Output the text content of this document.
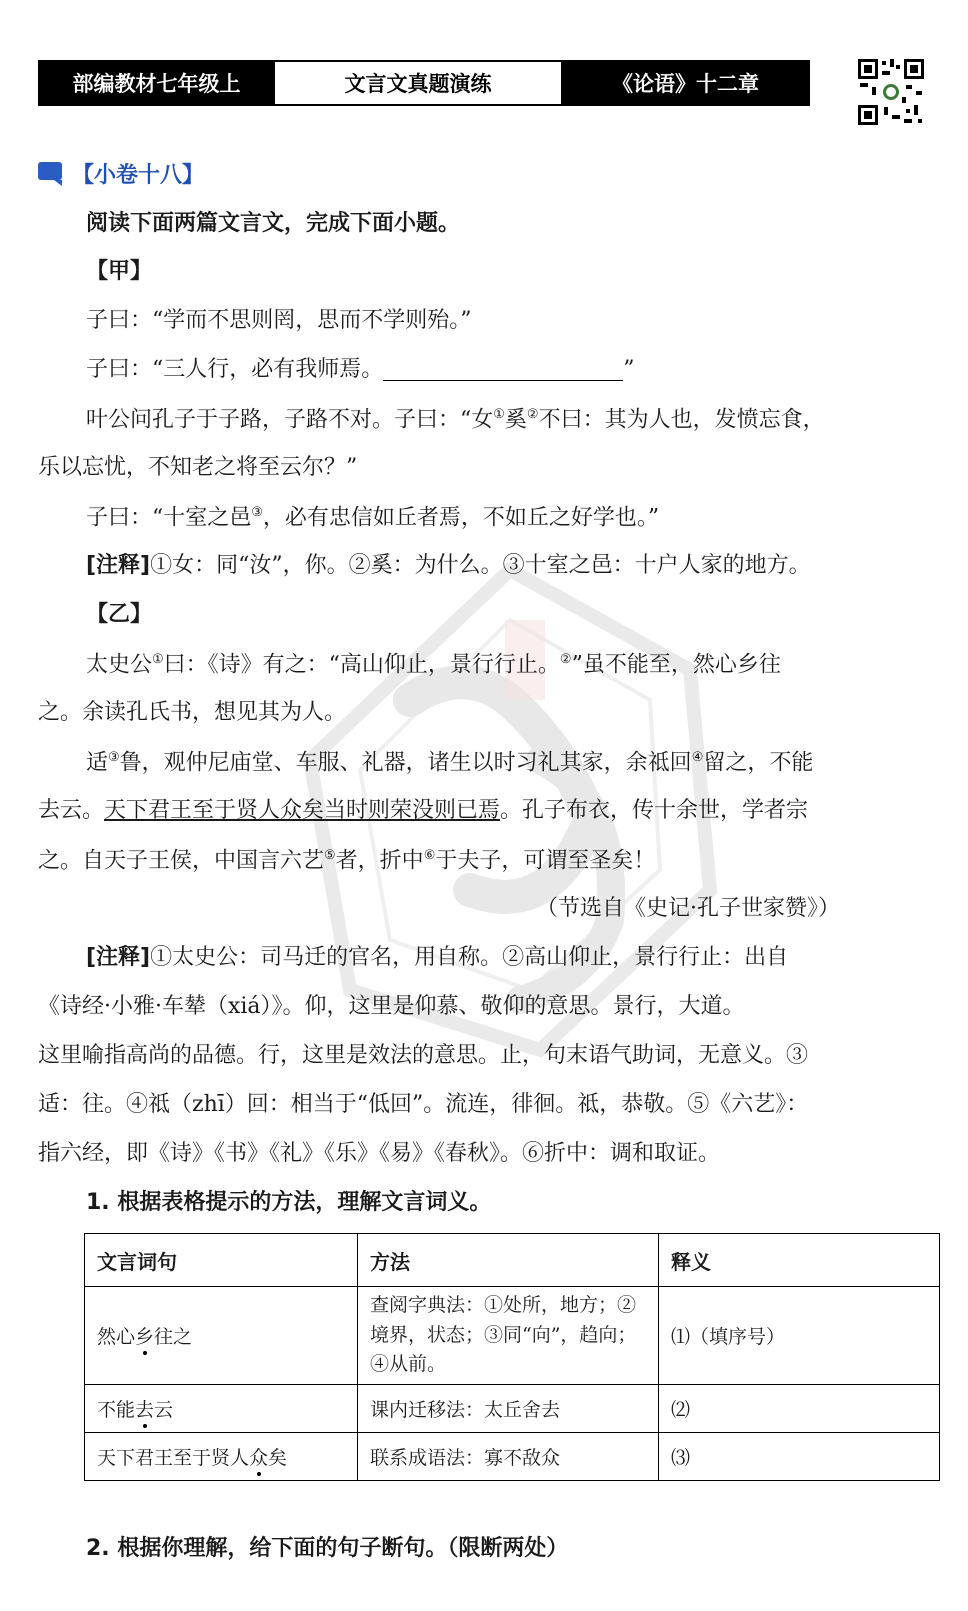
部编教材七年级上	文言文真题演练	《论语》十二章
【小卷十八】
阅读下面两篇文言文，完成下面小题。
【甲】
子曰：“学而不思则罔，思而不学则殆。”
子曰：“三人行，必有我师焉。	”
叶公问孔子于子路，子路不对。子曰：“女①奚②不曰：其为人也，发愤忘食，
乐以忘忧，不知老之将至云尔？”
子曰：“十室之邑③，必有忠信如丘者焉，不如丘之好学也。”
[注释]①女：同“汝”，你。②奚：为什么。③十室之邑：十户人家的地方。
【乙】
太史公①曰：《诗》有之：“高山仰止，景行行止。②”虽不能至，然心乡往
之。余读孔氏书，想见其为人。
适③鲁，观仲尼庙堂、车服、礼器，诸生以时习礼其家，余祗回④留之，不能
去云。天下君王至于贤人众矣当时则荣没则已焉。孔子布衣，传十余世，学者宗
之。自天子王侯，中国言六艺⑤者，折中⑥于夫子，可谓至圣矣！
（节选自《史记·孔子世家赞》）
[注释]①太史公：司马迁的官名，用自称。②高山仰止，景行行止：出自
《诗经·小雅·车辇（xiá）》。仰，这里是仰慕、敬仰的意思。景行，大道。
这里喻指高尚的品德。行，这里是效法的意思。止，句末语气助词，无意义。③
适：往。④祗（zhī）回：相当于“低回”。流连，徘徊。祗，恭敬。⑤《六艺》：
指六经，即《诗》《书》《礼》《乐》《易》《春秋》。⑥折中：调和取证。
1. 根据表格提示的方法，理解文言词义。
文言词句	方法	释义
然心乡往之	查阅字典法：①处所，地方；②境界，状态；③同“向”，趋向；④从前。	⑴（填序号）
不能去云	课内迁移法：太丘舍去	⑵
天下君王至于贤人众矣	联系成语法：寡不敌众	⑶
2. 根据你理解，给下面的句子断句。（限断两处）
